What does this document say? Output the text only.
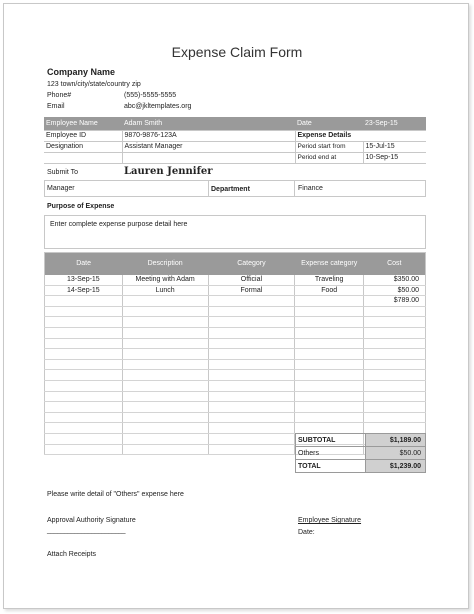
Expense Claim Form
Company Name
123 town/city/state/country zip
Phone#	(555)-5555-5555
Email	abc@jkltemplates.org
Employee Name	Adam Smith	Date	23-Sep-15
Employee ID	9870-9876-123A	Expense Details	
Designation	Assistant Manager	Period start from	15-Jul-15
		Period end at	10-Sep-15
Submit To	Lauren Jennifer
Manager	Department	Finance
Purpose of Expense
Enter complete expense purpose detail here
Date	Description	Category	Expense category	Cost
13-Sep-15	Meeting with Adam	Official	Traveling	$350.00
14-Sep-15	Lunch	Formal	Food	$50.00
				$789.00

SUBTOTAL	$1,189.00
Others	$50.00
TOTAL	$1,239.00
Please write detail of "Others" expense here
Approval Authority Signature
_______________________
Employee Signature
Date:
Attach Receipts
